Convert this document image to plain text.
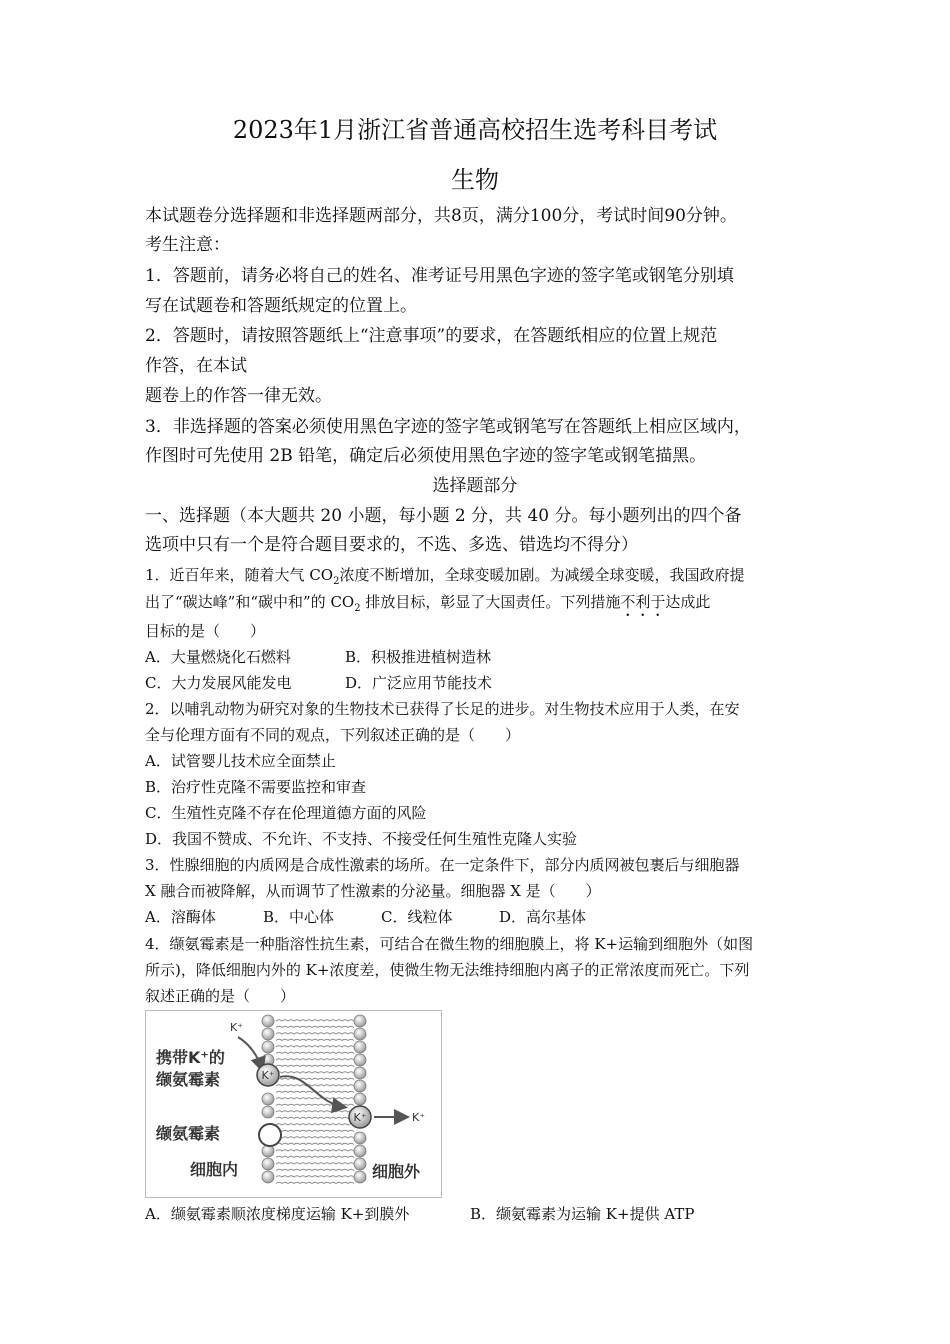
2023年1月浙江省普通高校招生选考科目考试
生物
本试题卷分选择题和非选择题两部分，共8页，满分100分，考试时间90分钟。
考生注意：
1．答题前，请务必将自己的姓名、准考证号用黑色字迹的签字笔或钢笔分别填
写在试题卷和答题纸规定的位置上。
2．答题时，请按照答题纸上“注意事项”的要求，在答题纸相应的位置上规范
作答，在本试
题卷上的作答一律无效。
3．非选择题的答案必须使用黑色字迹的签字笔或钢笔写在答题纸上相应区域内，
作图时可先使用 2B 铅笔，确定后必须使用黑色字迹的签字笔或钢笔描黑。
选择题部分
一、选择题（本大题共 20 小题，每小题 2 分，共 40 分。每小题列出的四个备
选项中只有一个是符合题目要求的，不选、多选、错选均不得分）
1．近百年来，随着大气 $CO_2$浓度不断增加，全球变暖加剧。为减缓全球变暖，我国政府提
出了“碳达峰”和“碳中和”的 $CO_2$ 排放目标，彰显了大国责任。下列措施不利于达成此
目标的是（　　）
A．大量燃烧化石燃料	B．积极推进植树造林
C．大力发展风能发电	D．广泛应用节能技术
2．以哺乳动物为研究对象的生物技术已获得了长足的进步。对生物技术应用于人类，在安
全与伦理方面有不同的观点，下列叙述正确的是（　　）
A．试管婴儿技术应全面禁止
B．治疗性克隆不需要监控和审查
C．生殖性克隆不存在伦理道德方面的风险
D．我国不赞成、不允许、不支持、不接受任何生殖性克隆人实验
3．性腺细胞的内质网是合成性激素的场所。在一定条件下，部分内质网被包裹后与细胞器
X 融合而被降解，从而调节了性激素的分泌量。细胞器 X 是（　　）
A．溶酶体	B．中心体	C．线粒体	D．高尔基体
4．缬氨霉素是一种脂溶性抗生素，可结合在微生物的细胞膜上，将 K+运输到细胞外（如图
所示)，降低细胞内外的 K+浓度差，使微生物无法维持细胞内离子的正常浓度而死亡。下列
叙述正确的是（　　）
K⁺
K⁺
K⁺
K⁺
携带K⁺的
缬氨霉素
缬氨霉素
细胞内	细胞外
A．缬氨霉素顺浓度梯度运输 K+到膜外	B．缬氨霉素为运输 K+提供 ATP
